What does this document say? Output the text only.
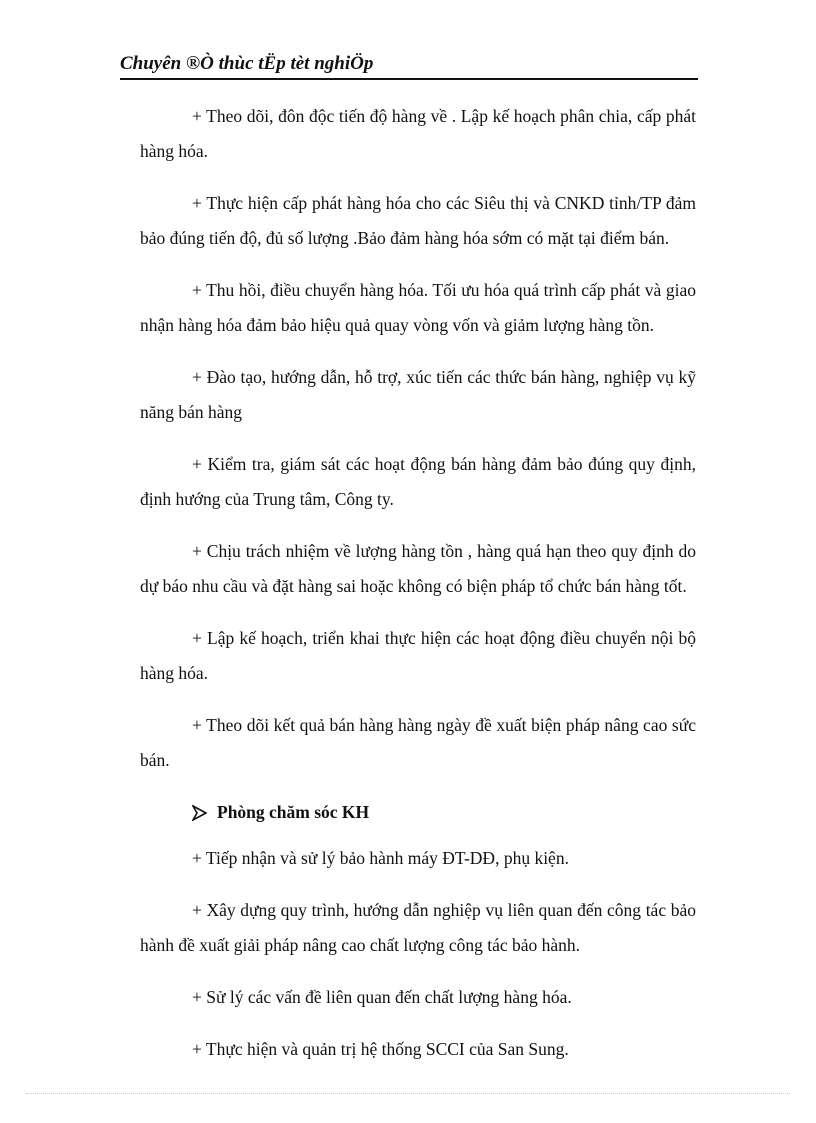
Chuyên ®Ò thùc tËp tèt nghiÖp

+ Theo dõi, đôn độc tiến độ hàng về . Lập kế hoạch phân chia, cấp phát hàng hóa.

+ Thực hiện cấp phát hàng hóa cho các Siêu thị và CNKD tỉnh/TP đảm bảo đúng tiến độ, đủ số lượng .Bảo đảm hàng hóa sớm có mặt tại điểm bán.

+ Thu hồi, điều chuyển hàng hóa. Tối ưu hóa quá trình cấp phát và giao nhận hàng hóa đảm bảo hiệu quả quay vòng vốn và giảm lượng hàng tồn.

+ Đào tạo, hướng dẫn, hỗ trợ, xúc tiến các thức bán hàng, nghiệp vụ kỹ năng bán hàng

+ Kiểm tra, giám sát các hoạt động bán hàng đảm bảo đúng quy định, định hướng của Trung tâm, Công ty.

+ Chịu trách nhiệm về lượng hàng tồn , hàng quá hạn theo quy định do dự báo nhu cầu và đặt hàng sai hoặc không có biện pháp tổ chức bán hàng tốt.

+ Lập kế hoạch, triển khai thực hiện các hoạt động điều chuyển nội bộ hàng hóa.

+ Theo dõi kết quả bán hàng hàng ngày đề xuất biện pháp nâng cao sức bán.

Phòng chăm sóc KH

+ Tiếp nhận và sử lý bảo hành máy ĐT-DĐ, phụ kiện.

+ Xây dựng quy trình, hướng dẫn nghiệp vụ liên quan đến công tác bảo hành đề xuất giải pháp nâng cao chất lượng công tác bảo hành.

+ Sử lý các vấn đề liên quan đến chất lượng hàng hóa.

+ Thực hiện và quản trị hệ thống SCCI của San Sung.
